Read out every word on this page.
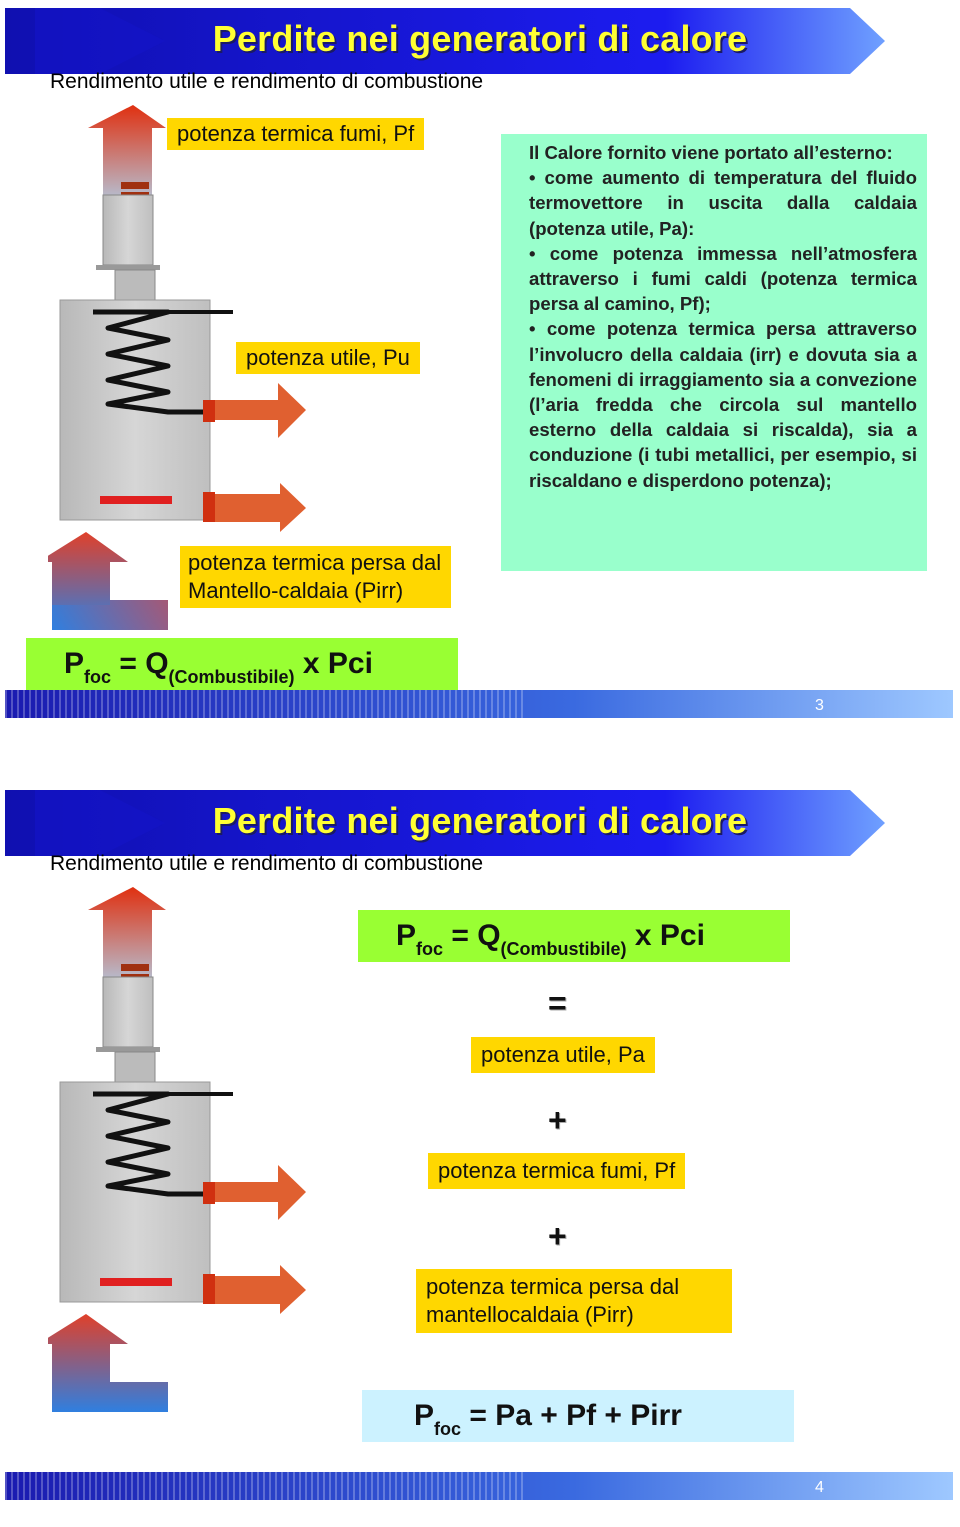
Perdite nei generatori di calore
Rendimento utile e rendimento di combustione
potenza termica fumi, Pf
potenza utile, Pu
potenza termica persa dal
Mantello-caldaia (Pirr)

Il Calore fornito viene portato all’esterno:

• come aumento di temperatura del fluido termovettore in uscita dalla caldaia (potenza utile, Pa):

• come potenza immessa nell’atmosfera attraverso i fumi caldi (potenza termica persa al camino, Pf);

• come potenza termica persa attraverso l’involucro della caldaia (irr) e dovuta sia a fenomeni di irraggiamento sia a convezione (l’aria fredda che circola sul mantello esterno della caldaia si riscalda), sia a conduzione (i tubi metallici, per esempio, si riscaldano e disperdono potenza);

$P_{foc} = Q_{(Combustibile)}$ x Pci
3
Perdite nei generatori di calore
Rendimento utile e rendimento di combustione
$P_{foc} = Q_{(Combustibile)}$ x Pci
=
potenza utile, Pa
+
potenza termica fumi, Pf
+
potenza termica persa dal
mantellocaldaia (Pirr)
$P_{foc} = Pa + Pf$ + Pirr
4
